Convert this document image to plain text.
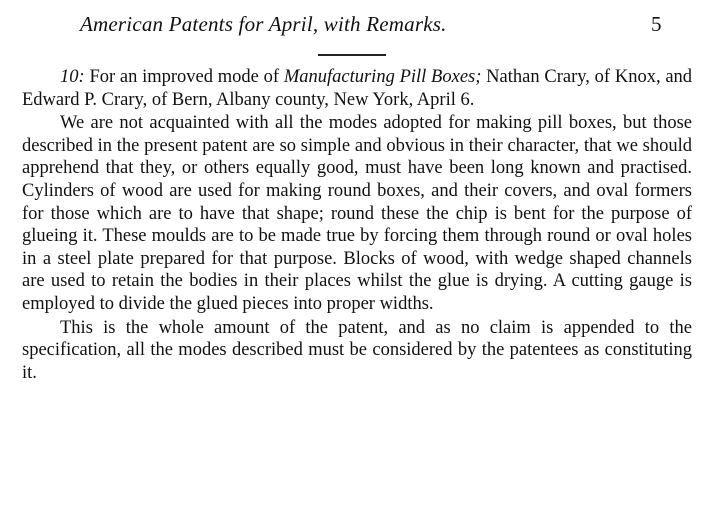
American Patents for April, with Remarks.	5

10: For an improved mode of Manufacturing Pill Boxes; Nathan Crary, of Knox, and Edward P. Crary, of Bern, Albany county, New York, April 6.

We are not acquainted with all the modes adopted for making pill boxes, but those described in the present patent are so simple and obvious in their character, that we should apprehend that they, or others equally good, must have been long known and practised. Cylinders of wood are used for making round boxes, and their covers, and oval formers for those which are to have that shape; round these the chip is bent for the purpose of glueing it. These moulds are to be made true by forcing them through round or oval holes in a steel plate prepared for that purpose. Blocks of wood, with wedge shaped channels are used to retain the bodies in their places whilst the glue is drying. A cutting gauge is employed to divide the glued pieces into proper widths.

This is the whole amount of the patent, and as no claim is appended to the specification, all the modes described must be considered by the patentees as constituting it.
